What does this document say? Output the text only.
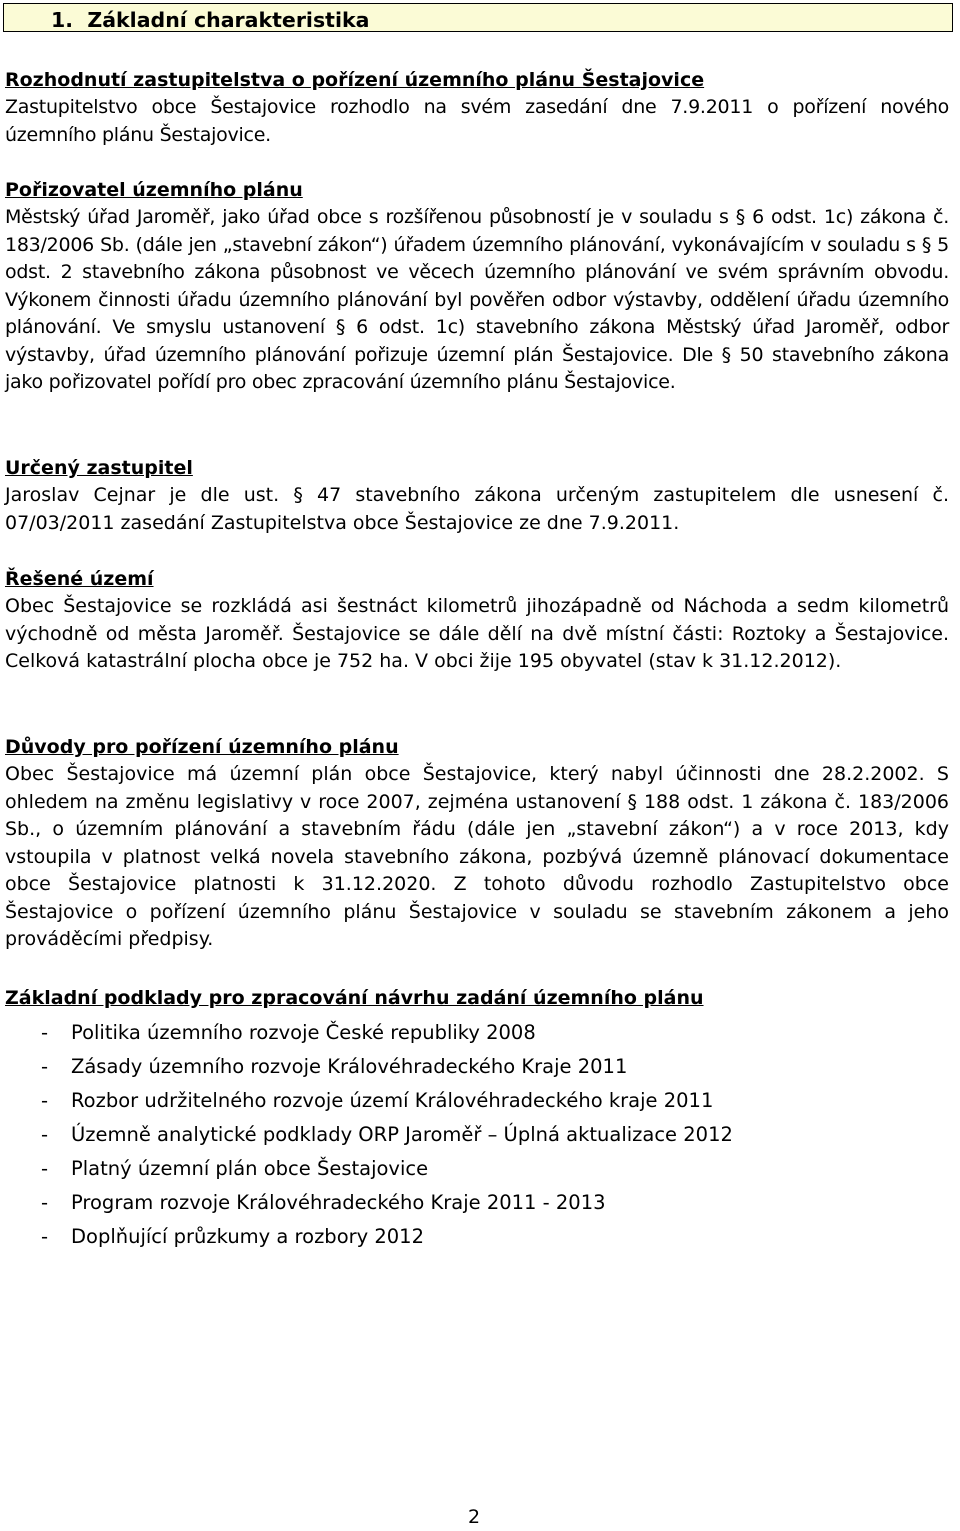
1. Základní charakteristika
Rozhodnutí zastupitelstva o pořízení územního plánu Šestajovice
Zastupitelstvo obce Šestajovice rozhodlo na svém zasedání dne 7.9.2011 o pořízení nového územního plánu Šestajovice.
Pořizovatel územního plánu
Městský úřad Jaroměř, jako úřad obce s rozšířenou působností je v souladu s § 6 odst. 1c) zákona č. 183/2006 Sb. (dále jen „stavební zákon“) úřadem územního plánování, vykonávajícím v souladu s § 5 odst. 2 stavebního zákona působnost ve věcech územního plánování ve svém správním obvodu. Výkonem činnosti úřadu územního plánování byl pověřen odbor výstavby, oddělení úřadu územního plánování. Ve smyslu ustanovení § 6 odst. 1c) stavebního zákona Městský úřad Jaroměř, odbor výstavby, úřad územního plánování pořizuje územní plán Šestajovice. Dle § 50 stavebního zákona jako pořizovatel pořídí pro obec zpracování územního plánu Šestajovice.
Určený zastupitel
Jaroslav Cejnar je dle ust. § 47 stavebního zákona určeným zastupitelem dle usnesení č. 07/03/2011 zasedání Zastupitelstva obce Šestajovice ze dne 7.9.2011.
Řešené území
Obec Šestajovice se rozkládá asi šestnáct kilometrů jihozápadně od Náchoda a sedm kilometrů východně od města Jaroměř. Šestajovice se dále dělí na dvě místní části: Roztoky a Šestajovice. Celková katastrální plocha obce je 752 ha. V obci žije 195 obyvatel (stav k 31.12.2012).
Důvody pro pořízení územního plánu
Obec Šestajovice má územní plán obce Šestajovice, který nabyl účinnosti dne 28.2.2002. S ohledem na změnu legislativy v roce 2007, zejména ustanovení § 188 odst. 1 zákona č. 183/2006 Sb., o územním plánování a stavebním řádu (dále jen „stavební zákon“) a v roce 2013, kdy vstoupila v platnost velká novela stavebního zákona, pozbývá územně plánovací dokumentace obce Šestajovice platnosti k 31.12.2020. Z tohoto důvodu rozhodlo Zastupitelstvo obce Šestajovice o pořízení územního plánu Šestajovice v souladu se stavebním zákonem a jeho prováděcími předpisy.
Základní podklady pro zpracování návrhu zadání územního plánu
- Politika územního rozvoje České republiky 2008
- Zásady územního rozvoje Královéhradeckého Kraje 2011
- Rozbor udržitelného rozvoje území Královéhradeckého kraje 2011
- Územně analytické podklady ORP Jaroměř – Úplná aktualizace 2012
- Platný územní plán obce Šestajovice
- Program rozvoje Královéhradeckého Kraje 2011 - 2013
- Doplňující průzkumy a rozbory 2012
2
